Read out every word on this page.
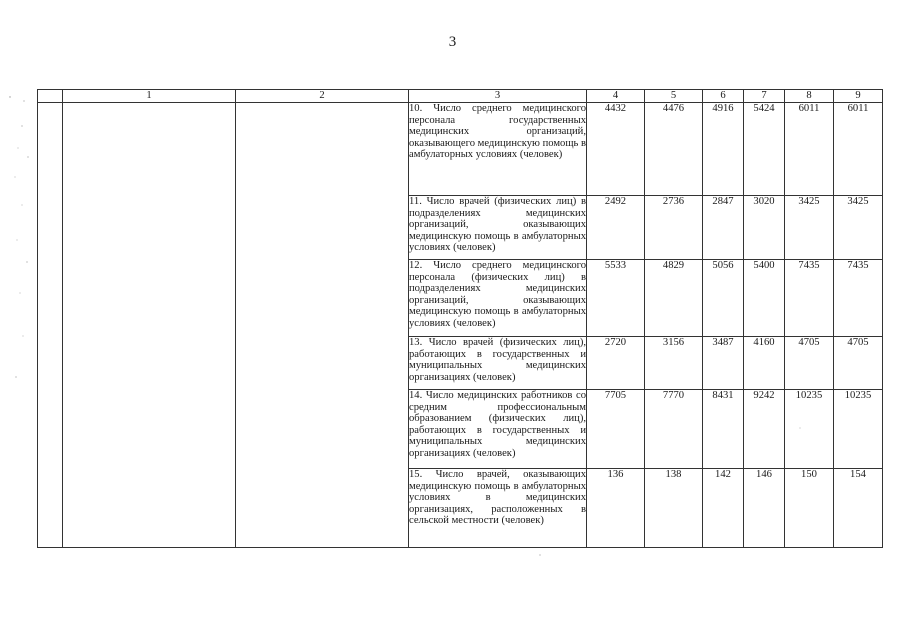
3
	1	2	3	4	5	6	7	8	9
			10. Число среднего медицинского персонала государственных медицинских организаций, оказывающего медицинскую помощь в амбулаторных условиях (человек)	4432	4476	4916	5424	6011	6011
			11. Число врачей (физических лиц) в подразделениях медицинских организаций, оказывающих медицинскую помощь в амбулаторных условиях (человек)	2492	2736	2847	3020	3425	3425
			12. Число среднего медицинского персонала (физических лиц) в подразделениях медицинских организаций, оказывающих медицинскую помощь в амбулаторных условиях (человек)	5533	4829	5056	5400	7435	7435
			13. Число врачей (физических лиц), работающих в государственных и муниципальных медицинских организациях (человек)	2720	3156	3487	4160	4705	4705
			14. Число медицинских работников со средним профессиональным образованием (физических лиц), работающих в государственных и муниципальных медицинских организациях (человек)	7705	7770	8431	9242	10235	10235
			15. Число врачей, оказывающих медицинскую помощь в амбулаторных условиях в медицинских организациях, расположенных в сельской местности (человек)	136	138	142	146	150	154
